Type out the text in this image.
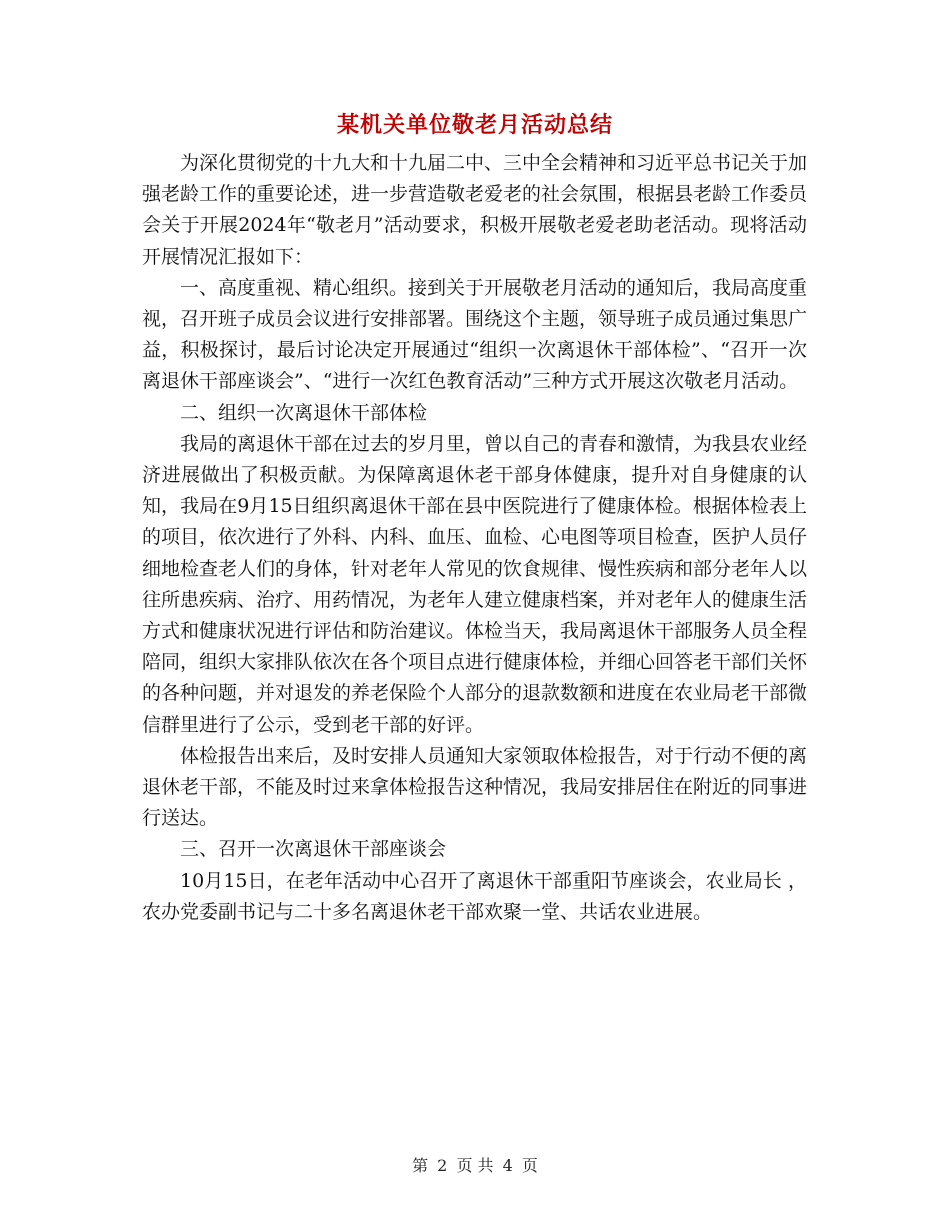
某机关单位敬老月活动总结

为深化贯彻党的十九大和十九届二中、三中全会精神和习近平总书记关于加强老龄工作的重要论述，进一步营造敬老爱老的社会氛围，根据县老龄工作委员会关于开展2024年“敬老月”活动要求，积极开展敬老爱老助老活动。现将活动开展情况汇报如下：

一、高度重视、精心组织。接到关于开展敬老月活动的通知后，我局高度重视，召开班子成员会议进行安排部署。围绕这个主题，领导班子成员通过集思广益，积极探讨，最后讨论决定开展通过“组织一次离退休干部体检”、“召开一次离退休干部座谈会”、“进行一次红色教育活动”三种方式开展这次敬老月活动。

二、组织一次离退休干部体检

我局的离退休干部在过去的岁月里，曾以自己的青春和激情，为我县农业经济进展做出了积极贡献。为保障离退休老干部身体健康，提升对自身健康的认知，我局在9月15日组织离退休干部在县中医院进行了健康体检。根据体检表上的项目，依次进行了外科、内科、血压、血检、心电图等项目检查，医护人员仔细地检查老人们的身体，针对老年人常见的饮食规律、慢性疾病和部分老年人以往所患疾病、治疗、用药情况，为老年人建立健康档案，并对老年人的健康生活方式和健康状况进行评估和防治建议。体检当天，我局离退休干部服务人员全程陪同，组织大家排队依次在各个项目点进行健康体检，并细心回答老干部们关怀的各种问题，并对退发的养老保险个人部分的退款数额和进度在农业局老干部微信群里进行了公示，受到老干部的好评。

体检报告出来后，及时安排人员通知大家领取体检报告，对于行动不便的离退休老干部，不能及时过来拿体检报告这种情况，我局安排居住在附近的同事进行送达。

三、召开一次离退休干部座谈会

10月15日，在老年活动中心召开了离退休干部重阳节座谈会，农业局长 ，农办党委副书记与二十多名离退休老干部欢聚一堂、共话农业进展。

第 2 页 共 4 页
